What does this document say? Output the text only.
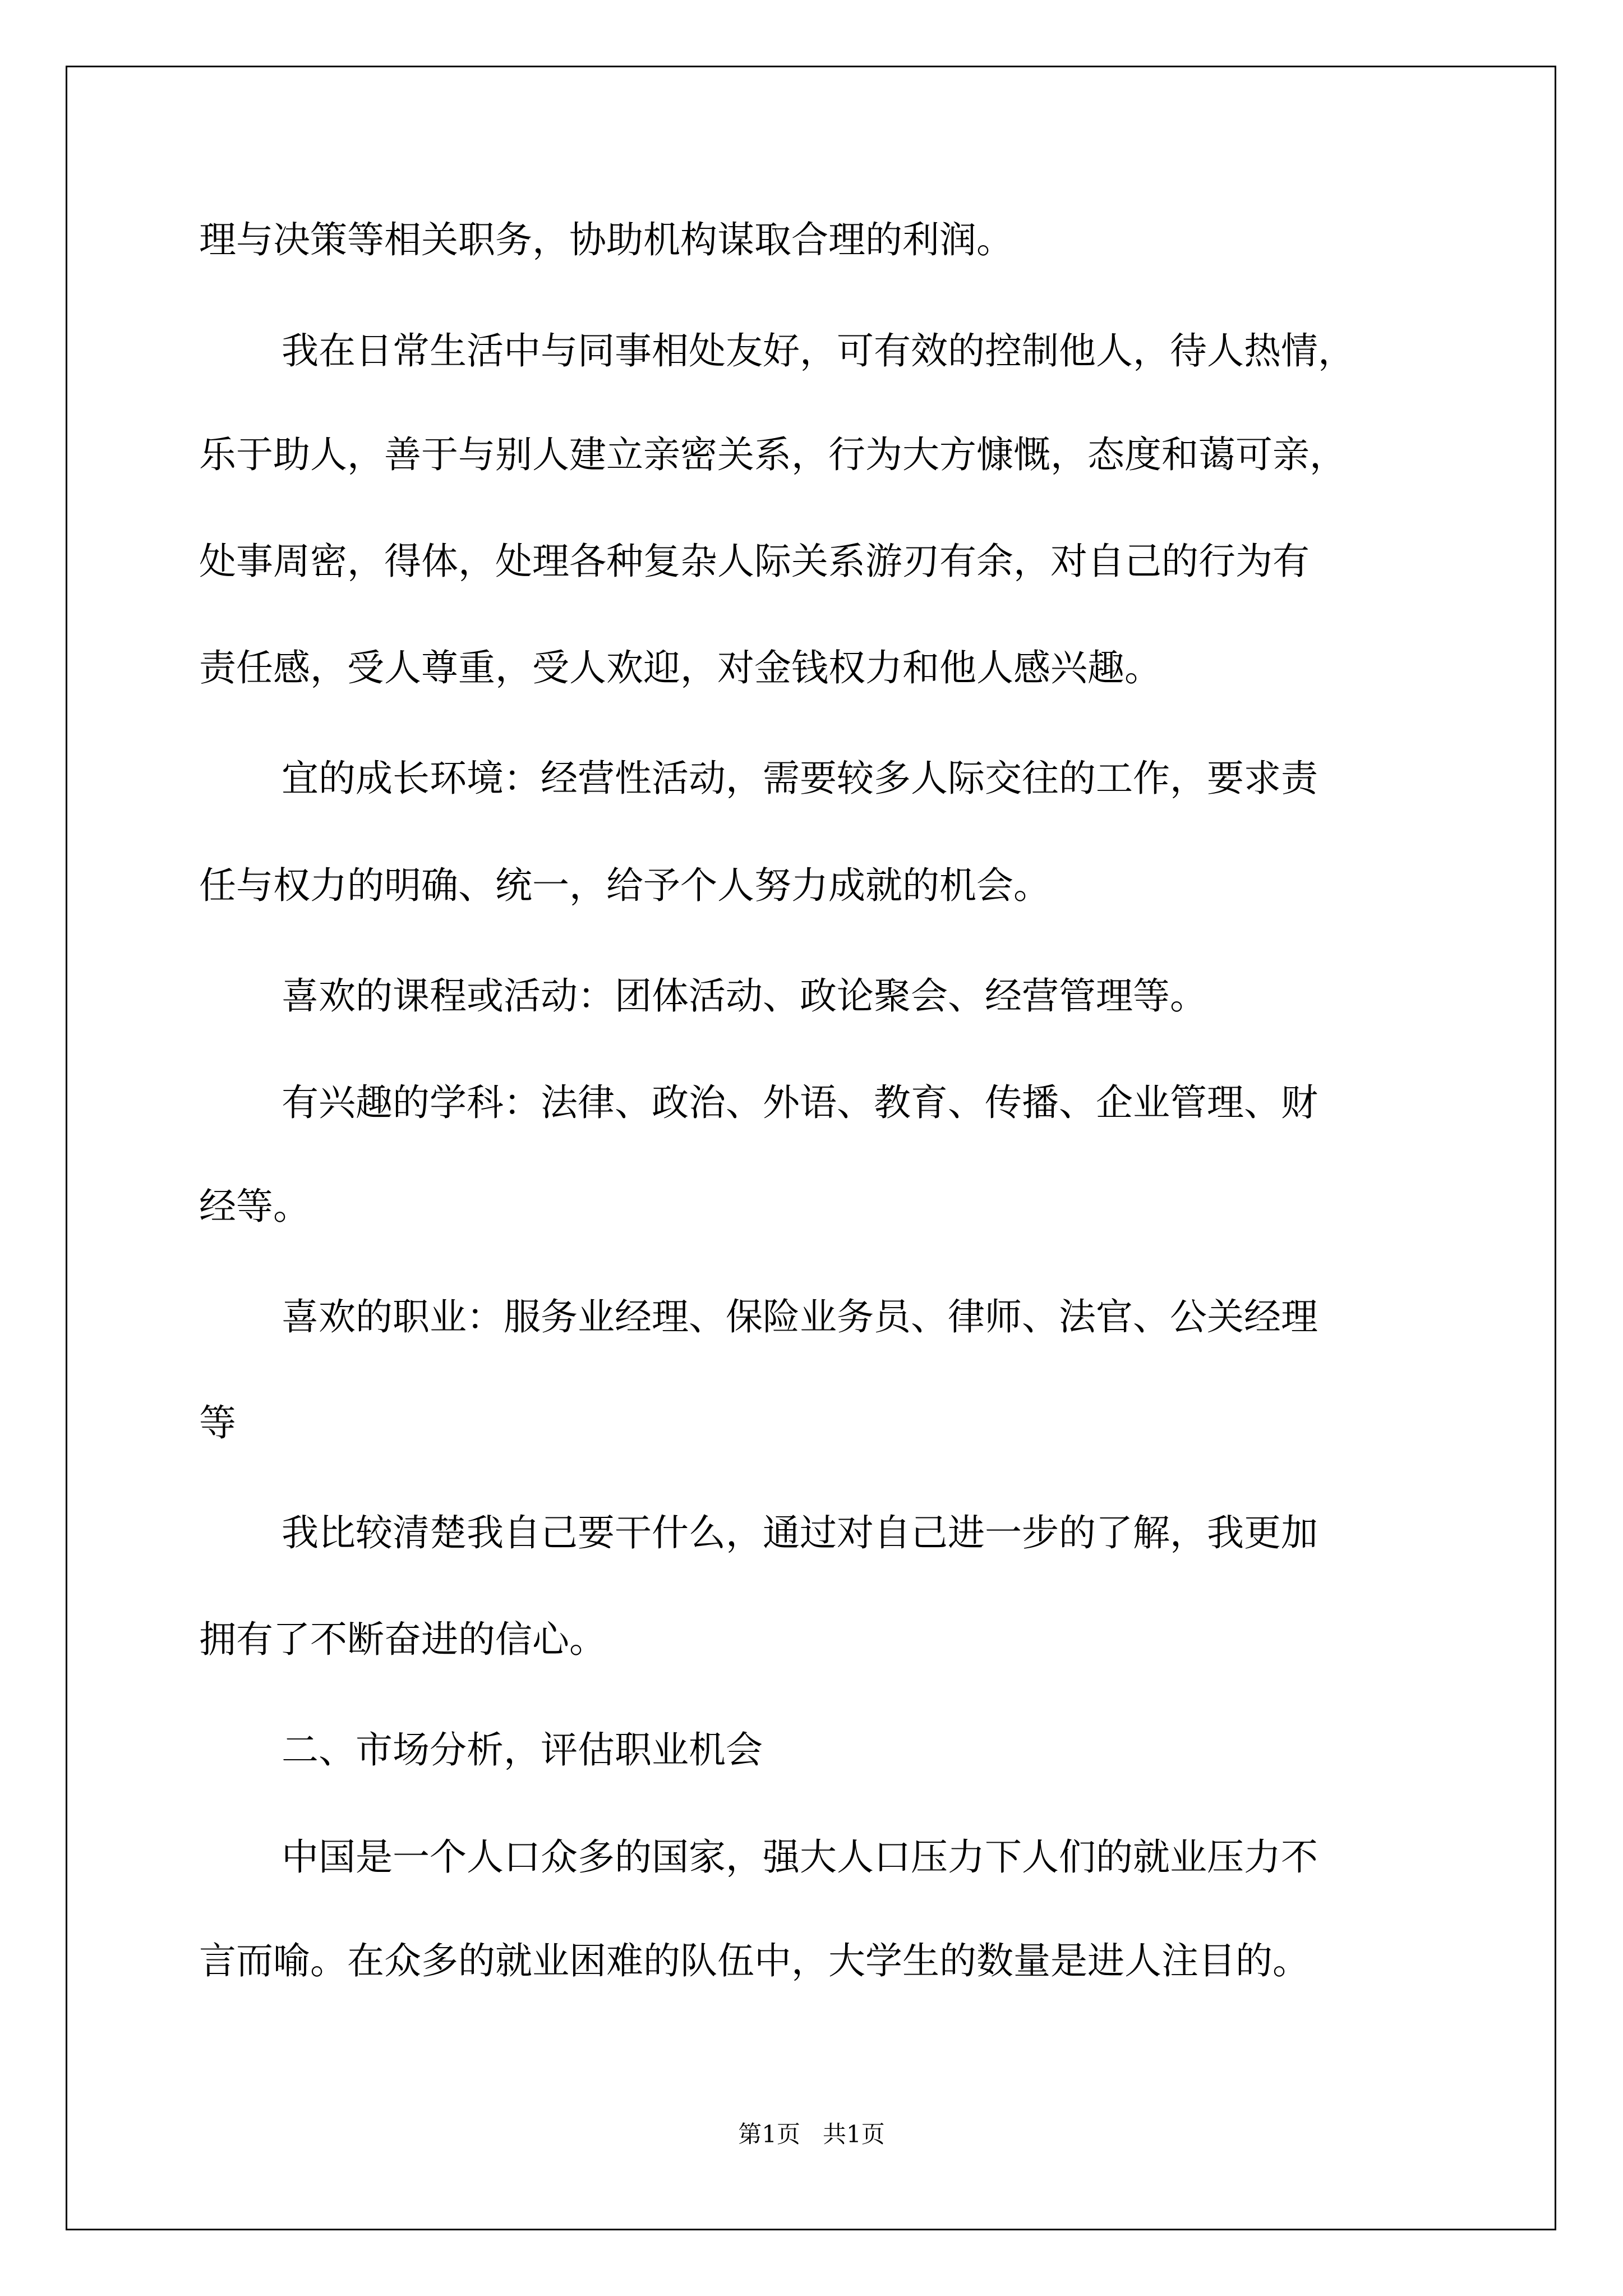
理与决策等相关职务，协助机构谋取合理的利润。
我在日常生活中与同事相处友好，可有效的控制他人，待人热情，
乐于助人，善于与别人建立亲密关系，行为大方慷慨，态度和蔼可亲，
处事周密，得体，处理各种复杂人际关系游刃有余，对自己的行为有
责任感，受人尊重，受人欢迎，对金钱权力和他人感兴趣。
宜的成长环境：经营性活动，需要较多人际交往的工作，要求责
任与权力的明确、统一，给予个人努力成就的机会。
喜欢的课程或活动：团体活动、政论聚会、经营管理等。
有兴趣的学科：法律、政治、外语、教育、传播、企业管理、财
经等。
喜欢的职业：服务业经理、保险业务员、律师、法官、公关经理
等
我比较清楚我自己要干什么，通过对自己进一步的了解，我更加
拥有了不断奋进的信心。
二、市场分析，评估职业机会
中国是一个人口众多的国家，强大人口压力下人们的就业压力不
言而喻。在众多的就业困难的队伍中，大学生的数量是进人注目的。
第1页   共1页
